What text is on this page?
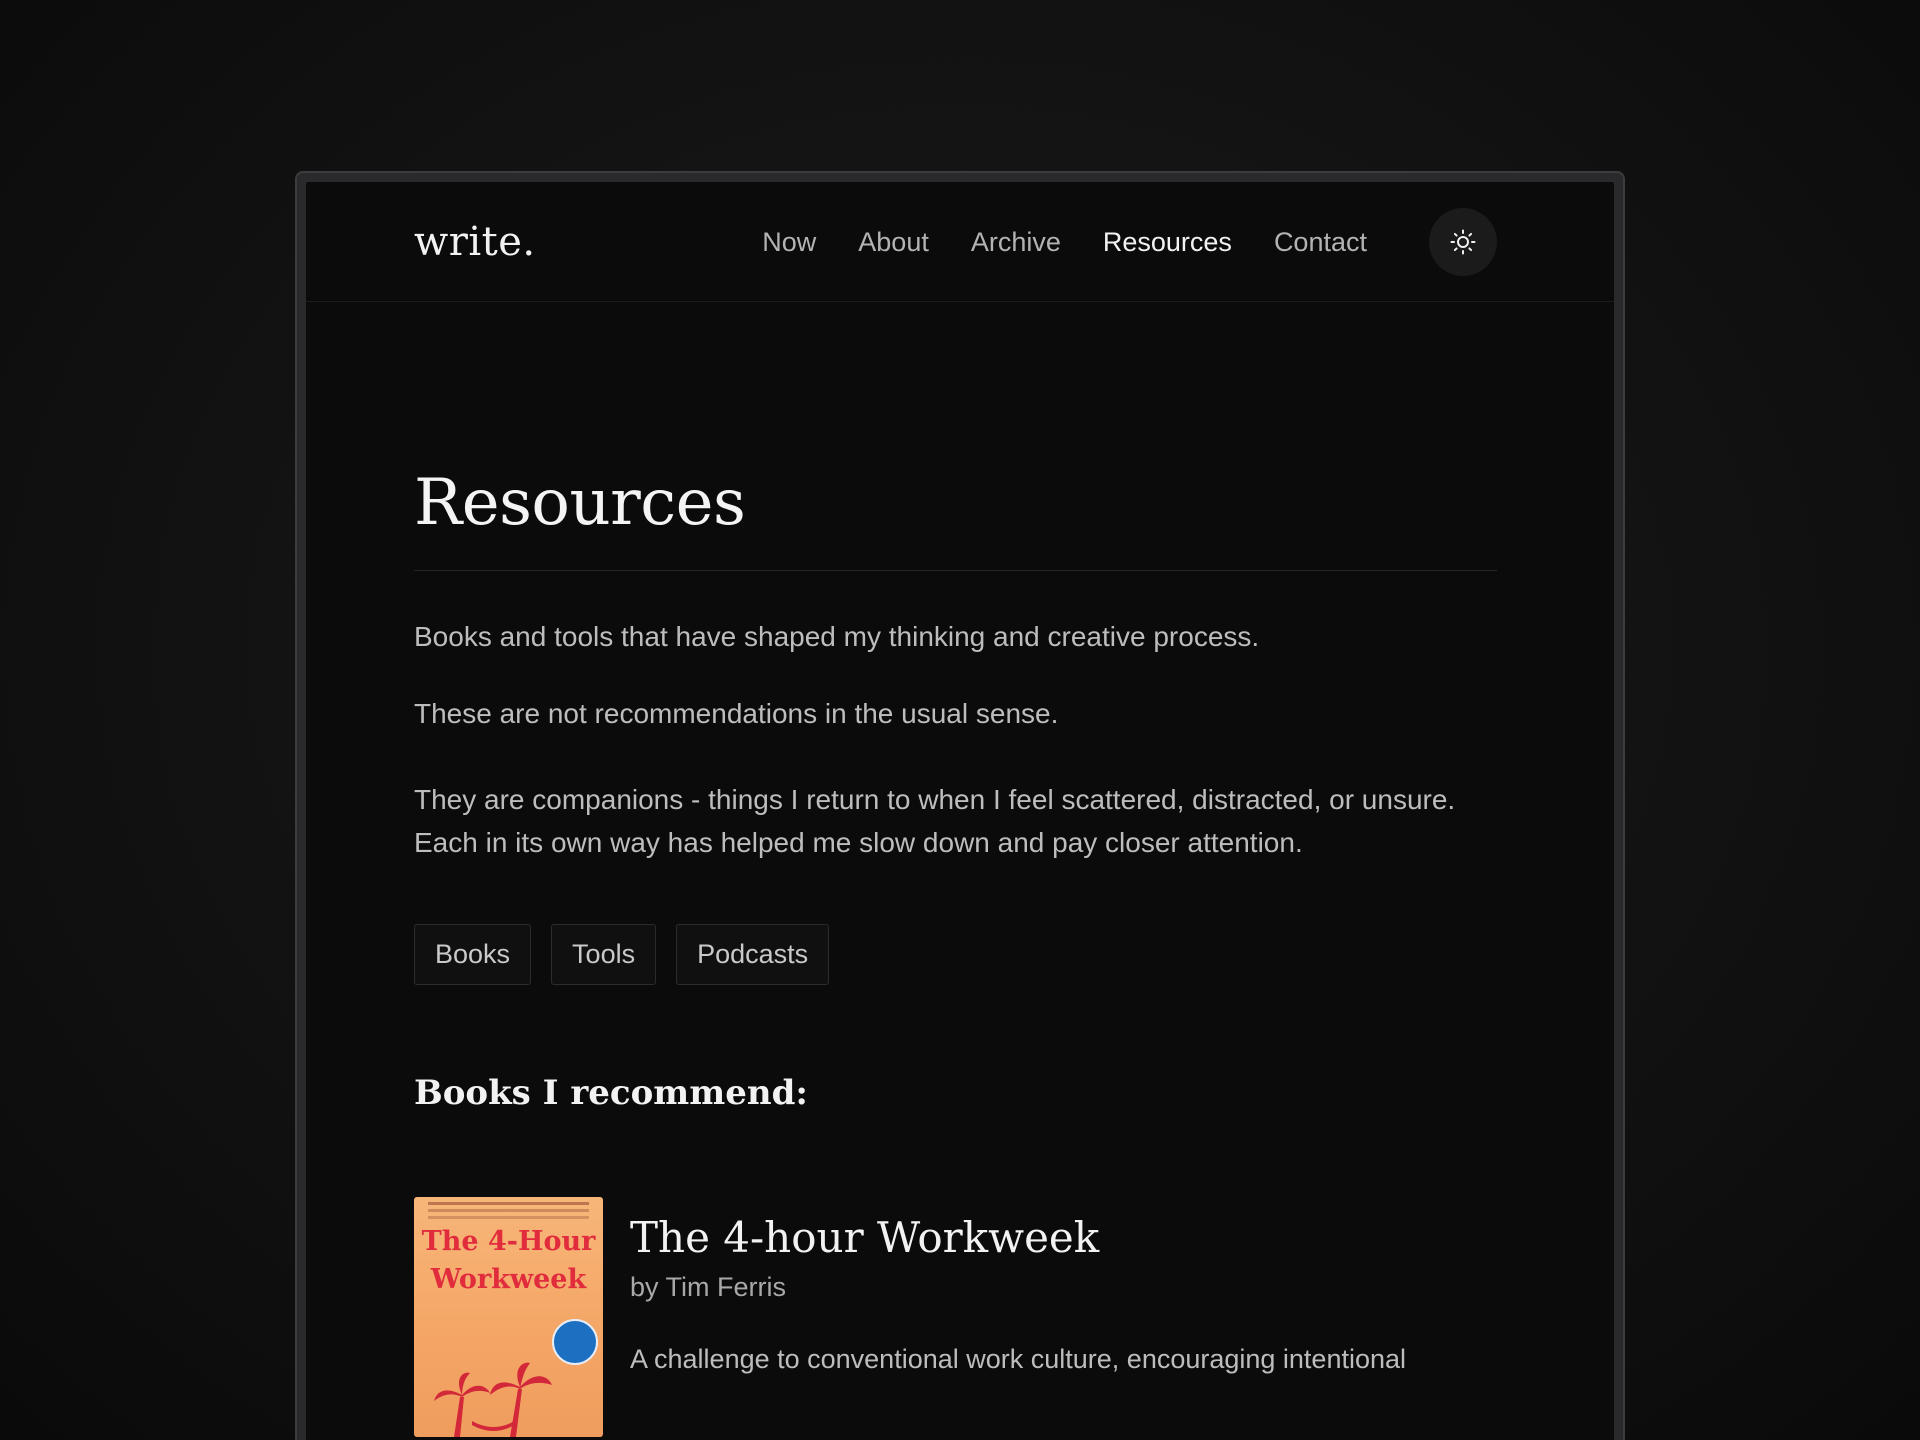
write.	Now About Archive Resources Contact
Resources

Books and tools that have shaped my thinking and creative process.

These are not recommendations in the usual sense.

They are companions - things I return to when I feel scattered, distracted, or unsure. Each in its own way has helped me slow down and pay closer attention.

Books	Tools	Podcasts
Books I recommend:
The 4-Hour Workweek
The 4-hour Workweek

by Tim Ferris

A challenge to conventional work culture, encouraging intentional
